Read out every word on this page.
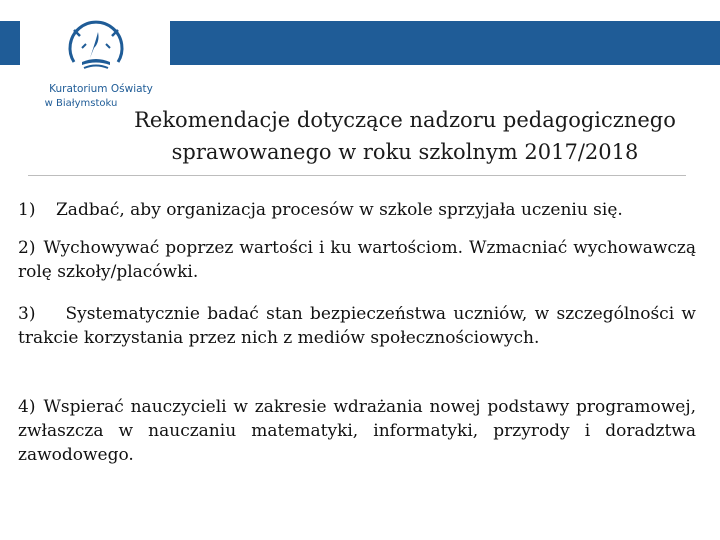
Kuratorium Oświaty
w Białymstoku
Rekomendacje dotyczące nadzoru pedagogicznego
sprawowanego w roku szkolnym 2017/2018
1) Zadbać, aby organizacja procesów w szkole sprzyjała uczeniu się.
2) Wychowywać poprzez wartości i ku wartościom. Wzmacniać wychowawczą rolę szkoły/placówki.
3) Systematycznie badać stan bezpieczeństwa uczniów, w szczególności w trakcie korzystania przez nich z mediów społecznościowych.
4) Wspierać nauczycieli w zakresie wdrażania nowej podstawy programowej, zwłaszcza w nauczaniu matematyki, informatyki, przyrody i doradztwa zawodowego.
